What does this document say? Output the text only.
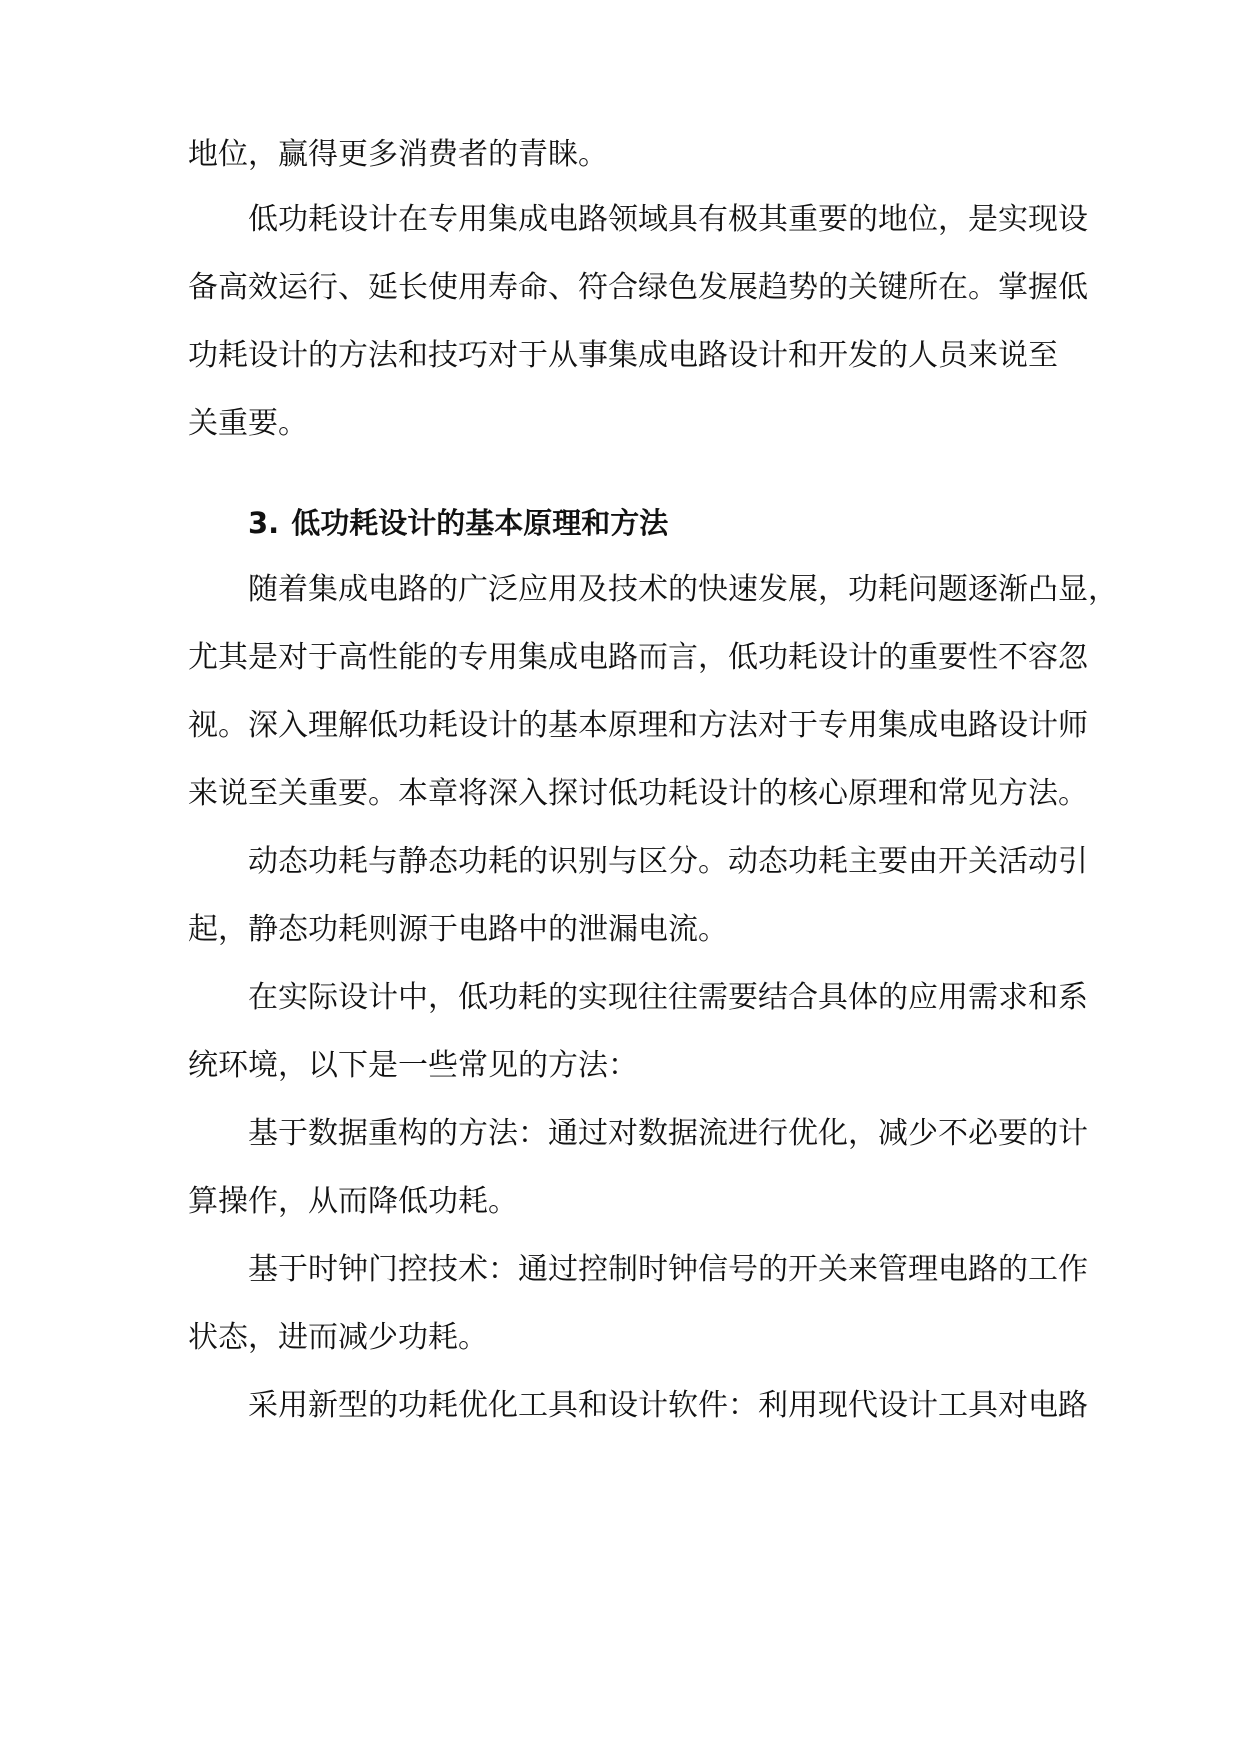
地位，赢得更多消费者的青睐。

低功耗设计在专用集成电路领域具有极其重要的地位，是实现设

备高效运行、延长使用寿命、符合绿色发展趋势的关键所在。掌握低

功耗设计的方法和技巧对于从事集成电路设计和开发的人员来说至

关重要。

3. 低功耗设计的基本原理和方法

随着集成电路的广泛应用及技术的快速发展，功耗问题逐渐凸显，

尤其是对于高性能的专用集成电路而言，低功耗设计的重要性不容忽

视。深入理解低功耗设计的基本原理和方法对于专用集成电路设计师

来说至关重要。本章将深入探讨低功耗设计的核心原理和常见方法。

动态功耗与静态功耗的识别与区分。动态功耗主要由开关活动引

起，静态功耗则源于电路中的泄漏电流。

在实际设计中，低功耗的实现往往需要结合具体的应用需求和系

统环境，以下是一些常见的方法：

基于数据重构的方法：通过对数据流进行优化，减少不必要的计

算操作，从而降低功耗。

基于时钟门控技术：通过控制时钟信号的开关来管理电路的工作

状态，进而减少功耗。

采用新型的功耗优化工具和设计软件：利用现代设计工具对电路
